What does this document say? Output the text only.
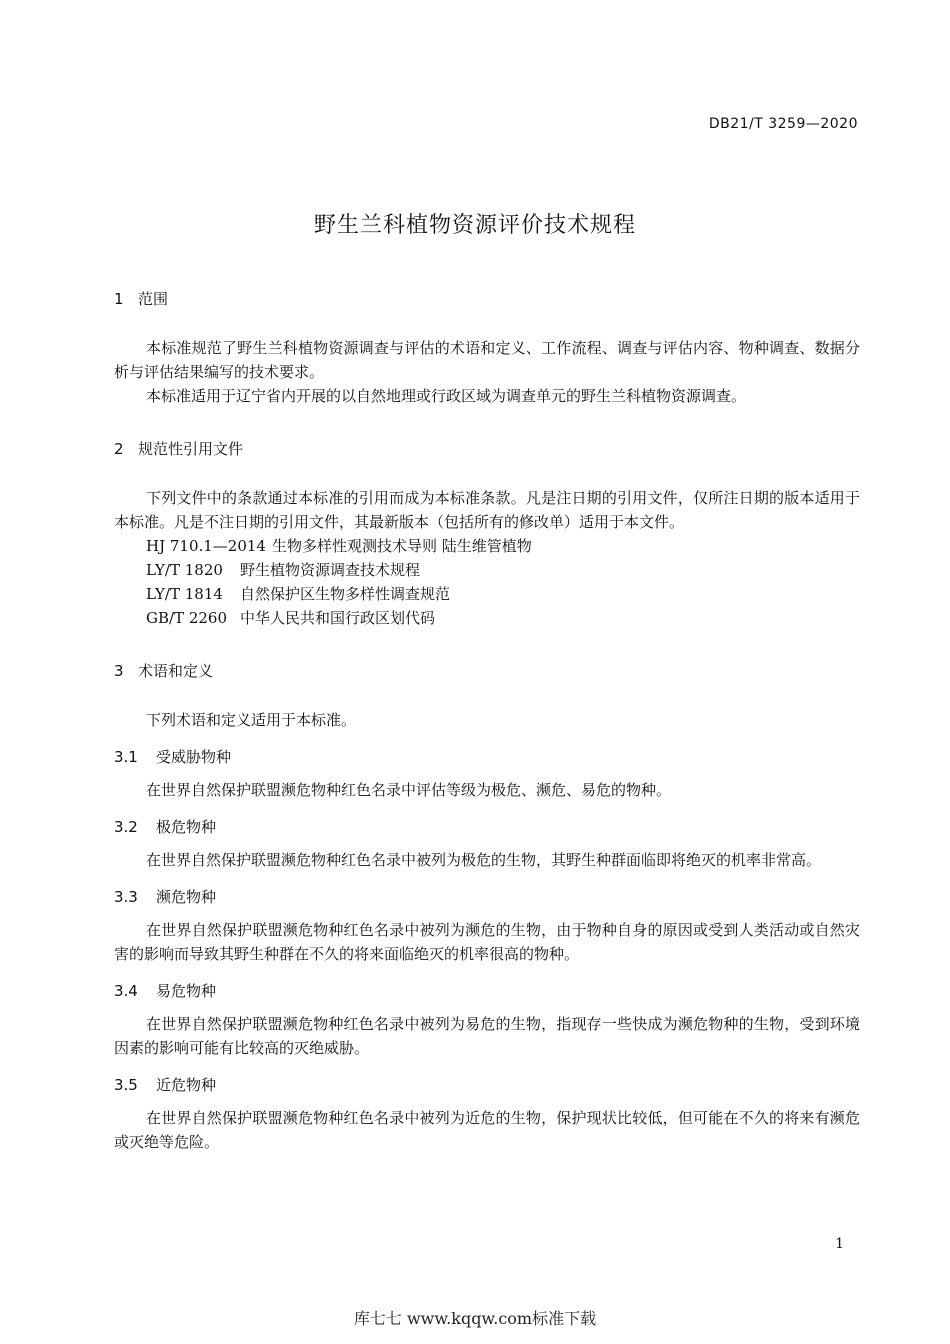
DB21/T 3259—2020
野生兰科植物资源评价技术规程
1 范围
本标准规范了野生兰科植物资源调查与评估的术语和定义、工作流程、调查与评估内容、物种调查、数据分析与评估结果编写的技术要求。
本标准适用于辽宁省内开展的以自然地理或行政区域为调查单元的野生兰科植物资源调查。
2 规范性引用文件
下列文件中的条款通过本标准的引用而成为本标准条款。凡是注日期的引用文件，仅所注日期的版本适用于本标准。凡是不注日期的引用文件，其最新版本（包括所有的修改单）适用于本文件。
HJ 710.1—2014 生物多样性观测技术导则 陆生维管植物
LY/T 1820 野生植物资源调查技术规程
LY/T 1814 自然保护区生物多样性调查规范
GB/T 2260 中华人民共和国行政区划代码
3 术语和定义
下列术语和定义适用于本标准。
3.1 受威胁物种
在世界自然保护联盟濒危物种红色名录中评估等级为极危、濒危、易危的物种。
3.2 极危物种
在世界自然保护联盟濒危物种红色名录中被列为极危的生物，其野生种群面临即将绝灭的机率非常高。
3.3 濒危物种
在世界自然保护联盟濒危物种红色名录中被列为濒危的生物，由于物种自身的原因或受到人类活动或自然灾害的影响而导致其野生种群在不久的将来面临绝灭的机率很高的物种。
3.4 易危物种
在世界自然保护联盟濒危物种红色名录中被列为易危的生物，指现存一些快成为濒危物种的生物，受到环境因素的影响可能有比较高的灭绝威胁。
3.5 近危物种
在世界自然保护联盟濒危物种红色名录中被列为近危的生物，保护现状比较低，但可能在不久的将来有濒危或灭绝等危险。
1
库七七 www.kqqw.com标准下载
